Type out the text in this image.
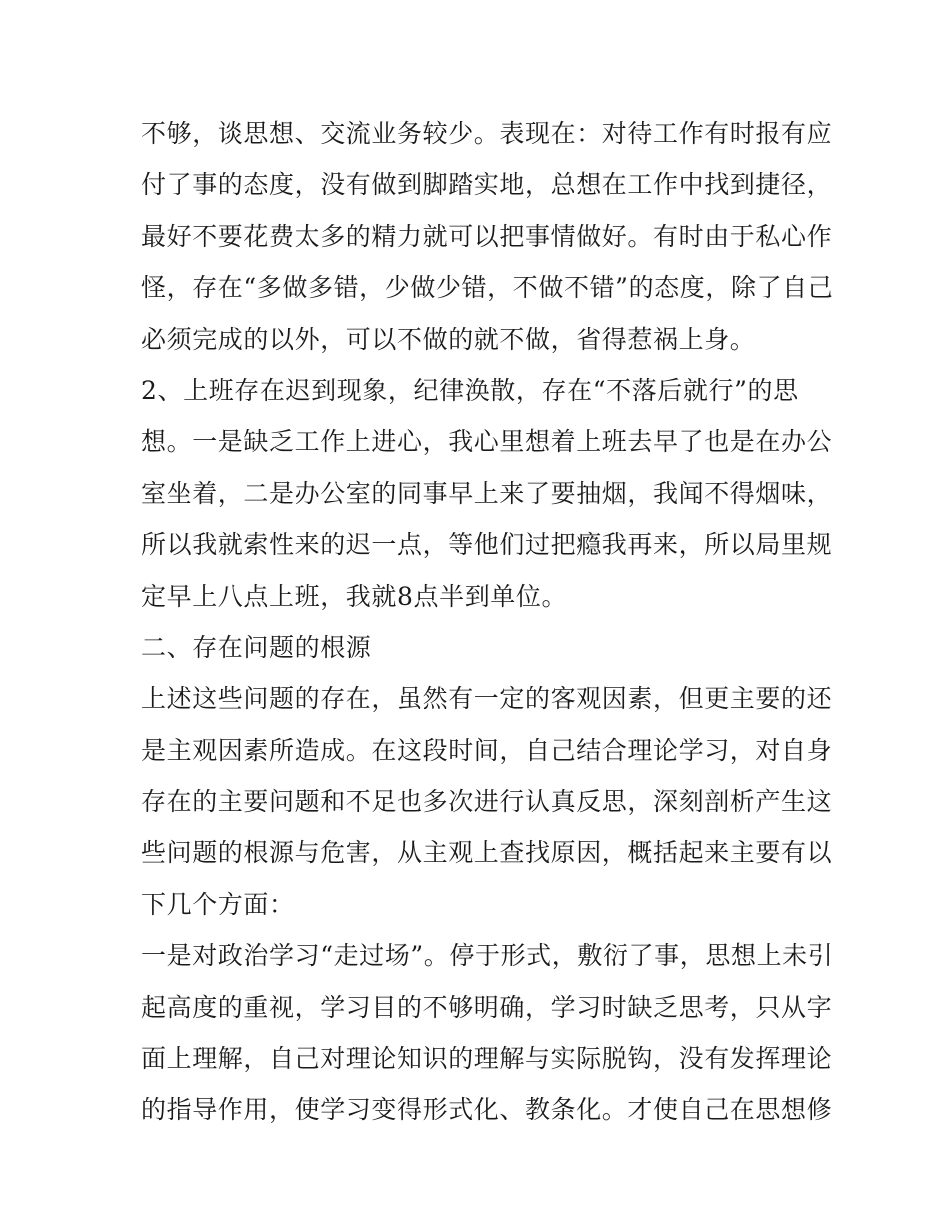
不够，谈思想、交流业务较少。表现在：对待工作有时报有应
付了事的态度，没有做到脚踏实地，总想在工作中找到捷径，
最好不要花费太多的精力就可以把事情做好。有时由于私心作
怪，存在“多做多错，少做少错，不做不错”的态度，除了自己
必须完成的以外，可以不做的就不做，省得惹祸上身。
2、上班存在迟到现象，纪律涣散，存在“不落后就行”的思
想。一是缺乏工作上进心，我心里想着上班去早了也是在办公
室坐着，二是办公室的同事早上来了要抽烟，我闻不得烟味，
所以我就索性来的迟一点，等他们过把瘾我再来，所以局里规
定早上八点上班，我就8点半到单位。
二、存在问题的根源
上述这些问题的存在，虽然有一定的客观因素，但更主要的还
是主观因素所造成。在这段时间，自己结合理论学习，对自身
存在的主要问题和不足也多次进行认真反思，深刻剖析产生这
些问题的根源与危害，从主观上查找原因，概括起来主要有以
下几个方面：
一是对政治学习“走过场”。停于形式，敷衍了事，思想上未引
起高度的重视，学习目的不够明确，学习时缺乏思考，只从字
面上理解，自己对理论知识的理解与实际脱钩，没有发挥理论
的指导作用，使学习变得形式化、教条化。才使自己在思想修
